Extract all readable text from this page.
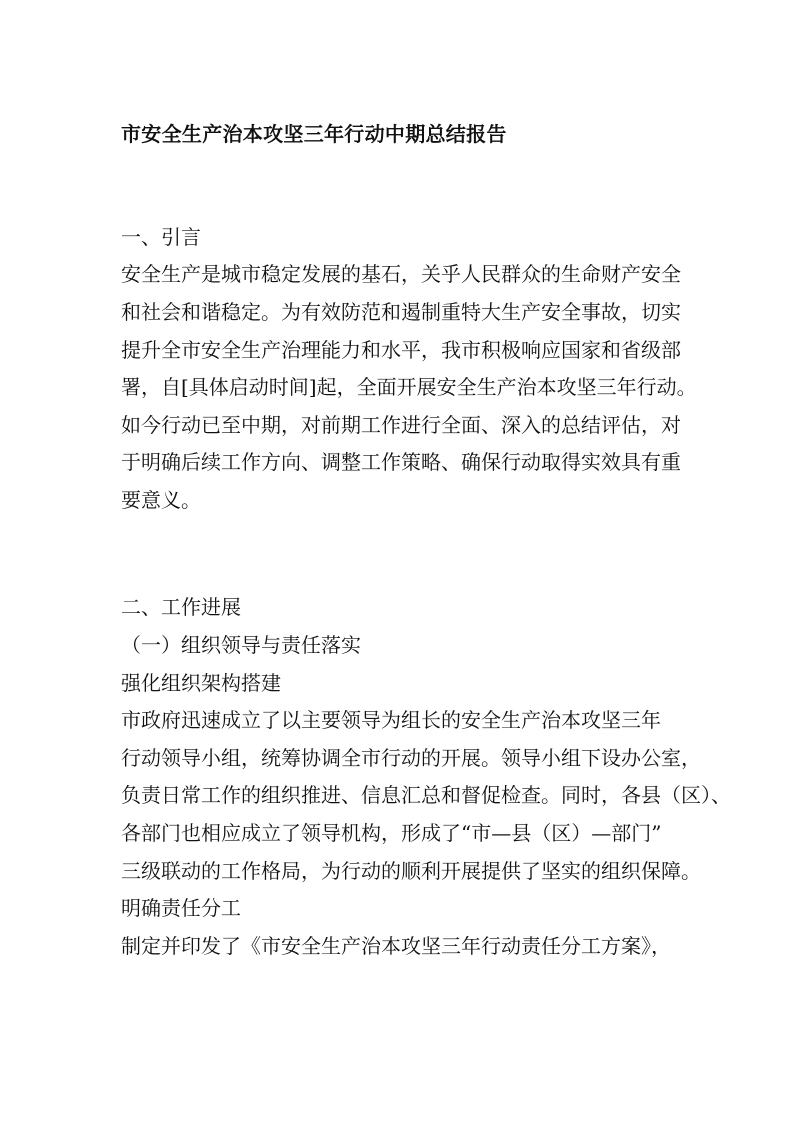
市安全生产治本攻坚三年行动中期总结报告
一、引言
安全生产是城市稳定发展的基石，关乎人民群众的生命财产安全
和社会和谐稳定。为有效防范和遏制重特大生产安全事故，切实
提升全市安全生产治理能力和水平，我市积极响应国家和省级部
署，自[具体启动时间]起，全面开展安全生产治本攻坚三年行动。
如今行动已至中期，对前期工作进行全面、深入的总结评估，对
于明确后续工作方向、调整工作策略、确保行动取得实效具有重
要意义。
二、工作进展
（一）组织领导与责任落实
强化组织架构搭建
市政府迅速成立了以主要领导为组长的安全生产治本攻坚三年
行动领导小组，统筹协调全市行动的开展。领导小组下设办公室，
负责日常工作的组织推进、信息汇总和督促检查。同时，各县（区）、
各部门也相应成立了领导机构，形成了“市—县（区）—部门”
三级联动的工作格局，为行动的顺利开展提供了坚实的组织保障。
明确责任分工
制定并印发了《市安全生产治本攻坚三年行动责任分工方案》，
